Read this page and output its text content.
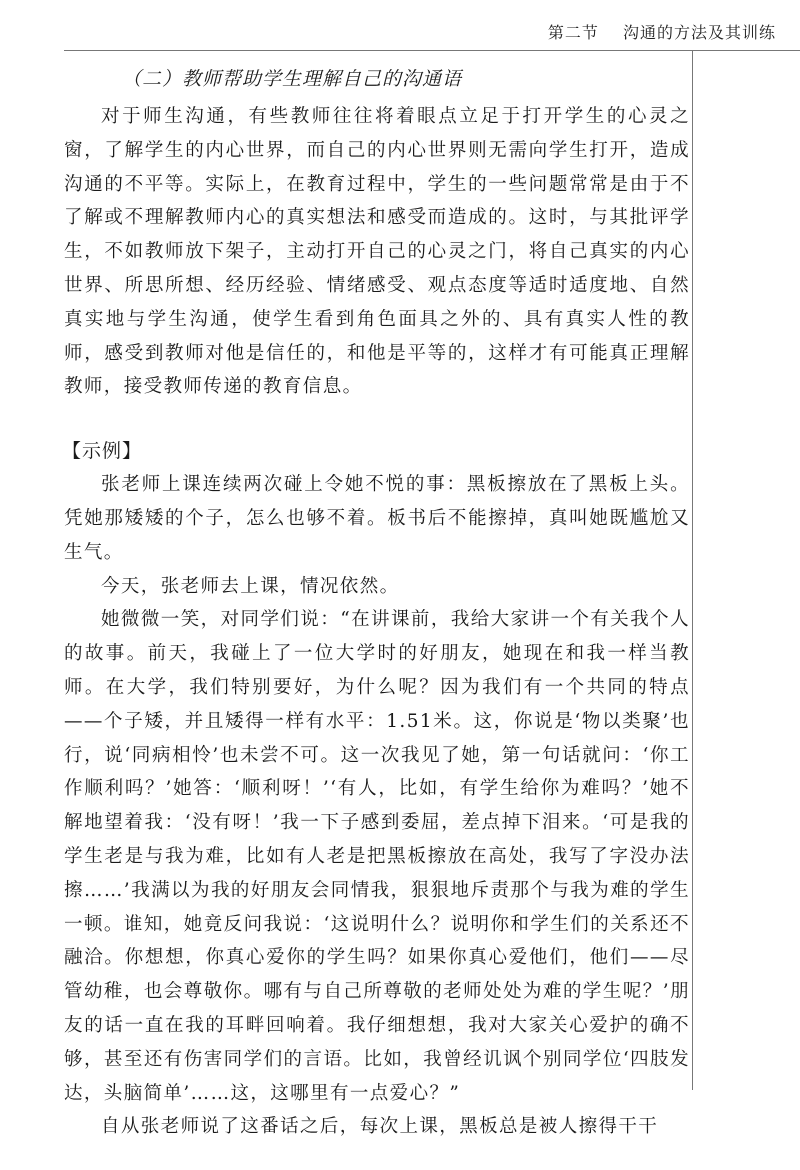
第二节 沟通的方法及其训练
（二）教师帮助学生理解自己的沟通语

对于师生沟通，有些教师往往将着眼点立足于打开学生的心灵之窗，了解学生的内心世界，而自己的内心世界则无需向学生打开，造成沟通的不平等。实际上，在教育过程中，学生的一些问题常常是由于不了解或不理解教师内心的真实想法和感受而造成的。这时，与其批评学生，不如教师放下架子，主动打开自己的心灵之门，将自己真实的内心世界、所思所想、经历经验、情绪感受、观点态度等适时适度地、自然真实地与学生沟通，使学生看到角色面具之外的、具有真实人性的教师，感受到教师对他是信任的，和他是平等的，这样才有可能真正理解教师，接受教师传递的教育信息。

【示例】

张老师上课连续两次碰上令她不悦的事：黑板擦放在了黑板上头。凭她那矮矮的个子，怎么也够不着。板书后不能擦掉，真叫她既尴尬又生气。

今天，张老师去上课，情况依然。

她微微一笑，对同学们说：“在讲课前，我给大家讲一个有关我个人的故事。前天，我碰上了一位大学时的好朋友，她现在和我一样当教师。在大学，我们特别要好，为什么呢？因为我们有一个共同的特点——个子矮，并且矮得一样有水平：1.51米。这，你说是‘物以类聚’也行，说‘同病相怜’也未尝不可。这一次我见了她，第一句话就问：‘你工作顺利吗？’她答：‘顺利呀！’‘有人，比如，有学生给你为难吗？’她不解地望着我：‘没有呀！’我一下子感到委屈，差点掉下泪来。‘可是我的学生老是与我为难，比如有人老是把黑板擦放在高处，我写了字没办法擦……’我满以为我的好朋友会同情我，狠狠地斥责那个与我为难的学生一顿。谁知，她竟反问我说：‘这说明什么？说明你和学生们的关系还不融洽。你想想，你真心爱你的学生吗？如果你真心爱他们，他们——尽管幼稚，也会尊敬你。哪有与自己所尊敬的老师处处为难的学生呢？’朋友的话一直在我的耳畔回响着。我仔细想想，我对大家关心爱护的确不够，甚至还有伤害同学们的言语。比如，我曾经讥讽个别同学位‘四肢发达，头脑简单’……这，这哪里有一点爱心？”

自从张老师说了这番话之后，每次上课，黑板总是被人擦得干干
